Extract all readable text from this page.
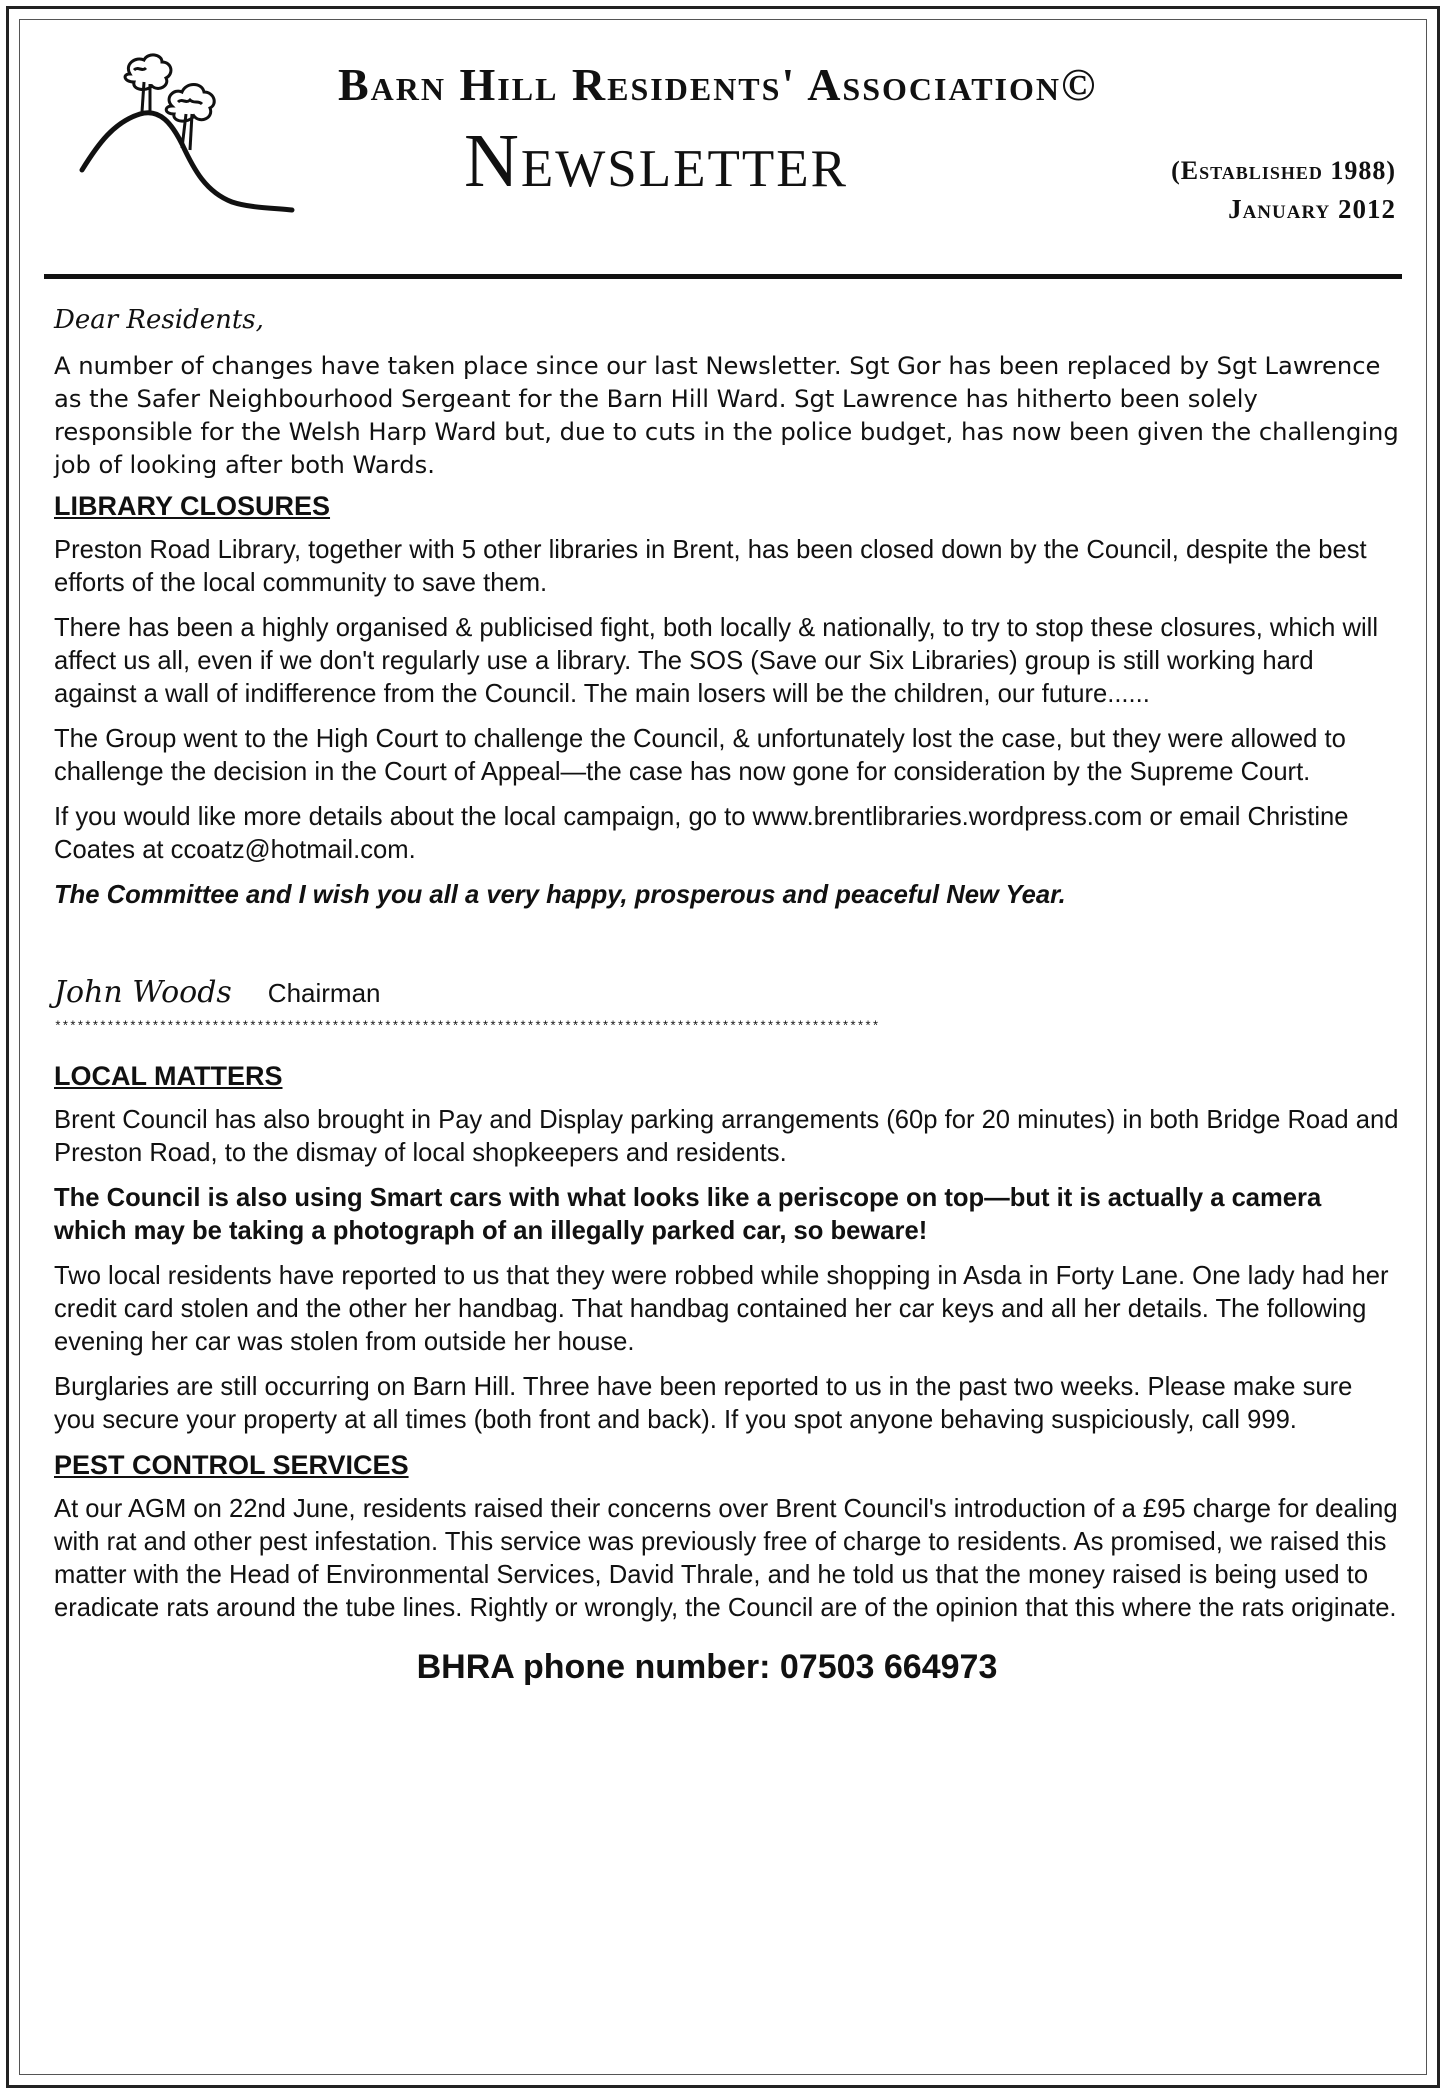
Barn Hill Residents' Association©
Newsletter	(Established 1988)
January 2012
Dear Residents,

A number of changes have taken place since our last Newsletter. Sgt Gor has been replaced by Sgt Lawrence as the Safer Neighbourhood Sergeant for the Barn Hill Ward. Sgt Lawrence has hitherto been solely responsible for the Welsh Harp Ward but, due to cuts in the police budget, has now been given the challenging job of looking after both Wards.

LIBRARY CLOSURES

Preston Road Library, together with 5 other libraries in Brent, has been closed down by the Council, despite the best efforts of the local community to save them.

There has been a highly organised & publicised fight, both locally & nationally, to try to stop these closures, which will affect us all, even if we don't regularly use a library. The SOS (Save our Six Libraries) group is still working hard against a wall of indifference from the Council. The main losers will be the children, our future......

The Group went to the High Court to challenge the Council, & unfortunately lost the case, but they were allowed to challenge the decision in the Court of Appeal—the case has now gone for consideration by the Supreme Court.

If you would like more details about the local campaign, go to www.brentlibraries.wordpress.com or email Christine Coates at ccoatz@hotmail.com.

The Committee and I wish you all a very happy, prosperous and peaceful New Year.

John Woods Chairman
**************************************************************************************************************
LOCAL MATTERS

Brent Council has also brought in Pay and Display parking arrangements (60p for 20 minutes) in both Bridge Road and Preston Road, to the dismay of local shopkeepers and residents.

The Council is also using Smart cars with what looks like a periscope on top—but it is actually a camera which may be taking a photograph of an illegally parked car, so beware!

Two local residents have reported to us that they were robbed while shopping in Asda in Forty Lane. One lady had her credit card stolen and the other her handbag. That handbag contained her car keys and all her details. The following evening her car was stolen from outside her house.

Burglaries are still occurring on Barn Hill. Three have been reported to us in the past two weeks. Please make sure you secure your property at all times (both front and back). If you spot anyone behaving suspiciously, call 999.

PEST CONTROL SERVICES

At our AGM on 22nd June, residents raised their concerns over Brent Council's introduction of a £95 charge for dealing with rat and other pest infestation. This service was previously free of charge to residents. As promised, we raised this matter with the Head of Environmental Services, David Thrale, and he told us that the money raised is being used to eradicate rats around the tube lines. Rightly or wrongly, the Council are of the opinion that this where the rats originate.

BHRA phone number: 07503 664973
